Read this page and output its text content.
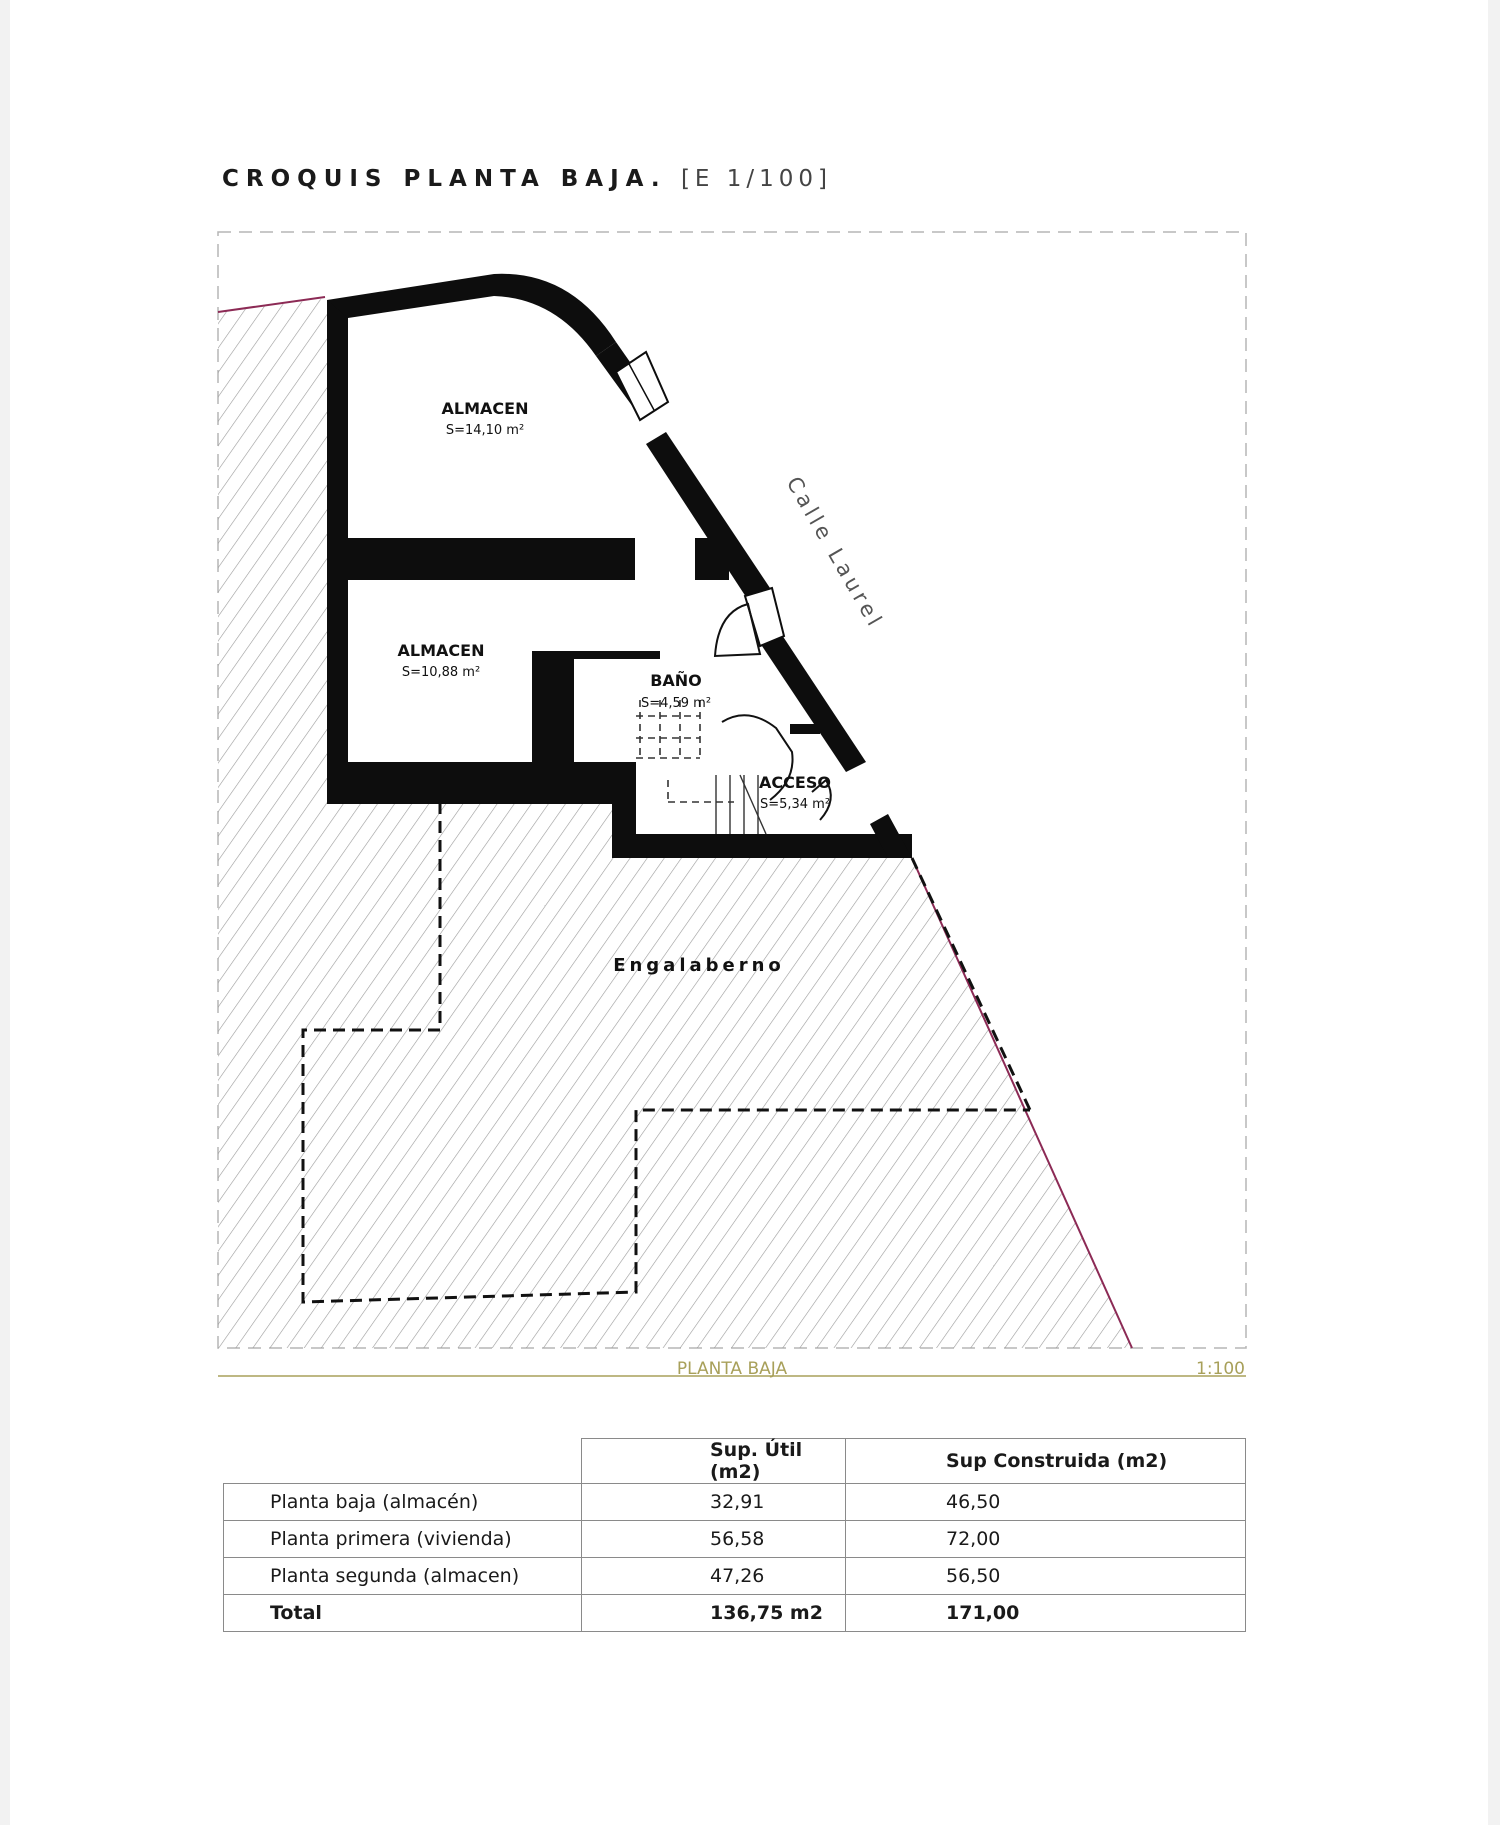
CROQUIS PLANTA BAJA. [E 1/100]
ALMACEN
S=14,10 m²
ALMACEN
S=10,88 m²	BAÑO
S=4,59 m²
ACCESO
S=5,34 m²
Calle Laurel
Engalaberno
PLANTA BAJA	1:100
	Sup. Útil (m2)	Sup Construida (m2)
Planta baja (almacén)	32,91	46,50
Planta primera (vivienda)	56,58	72,00
Planta segunda (almacen)	47,26	56,50
Total	136,75 m2	171,00
